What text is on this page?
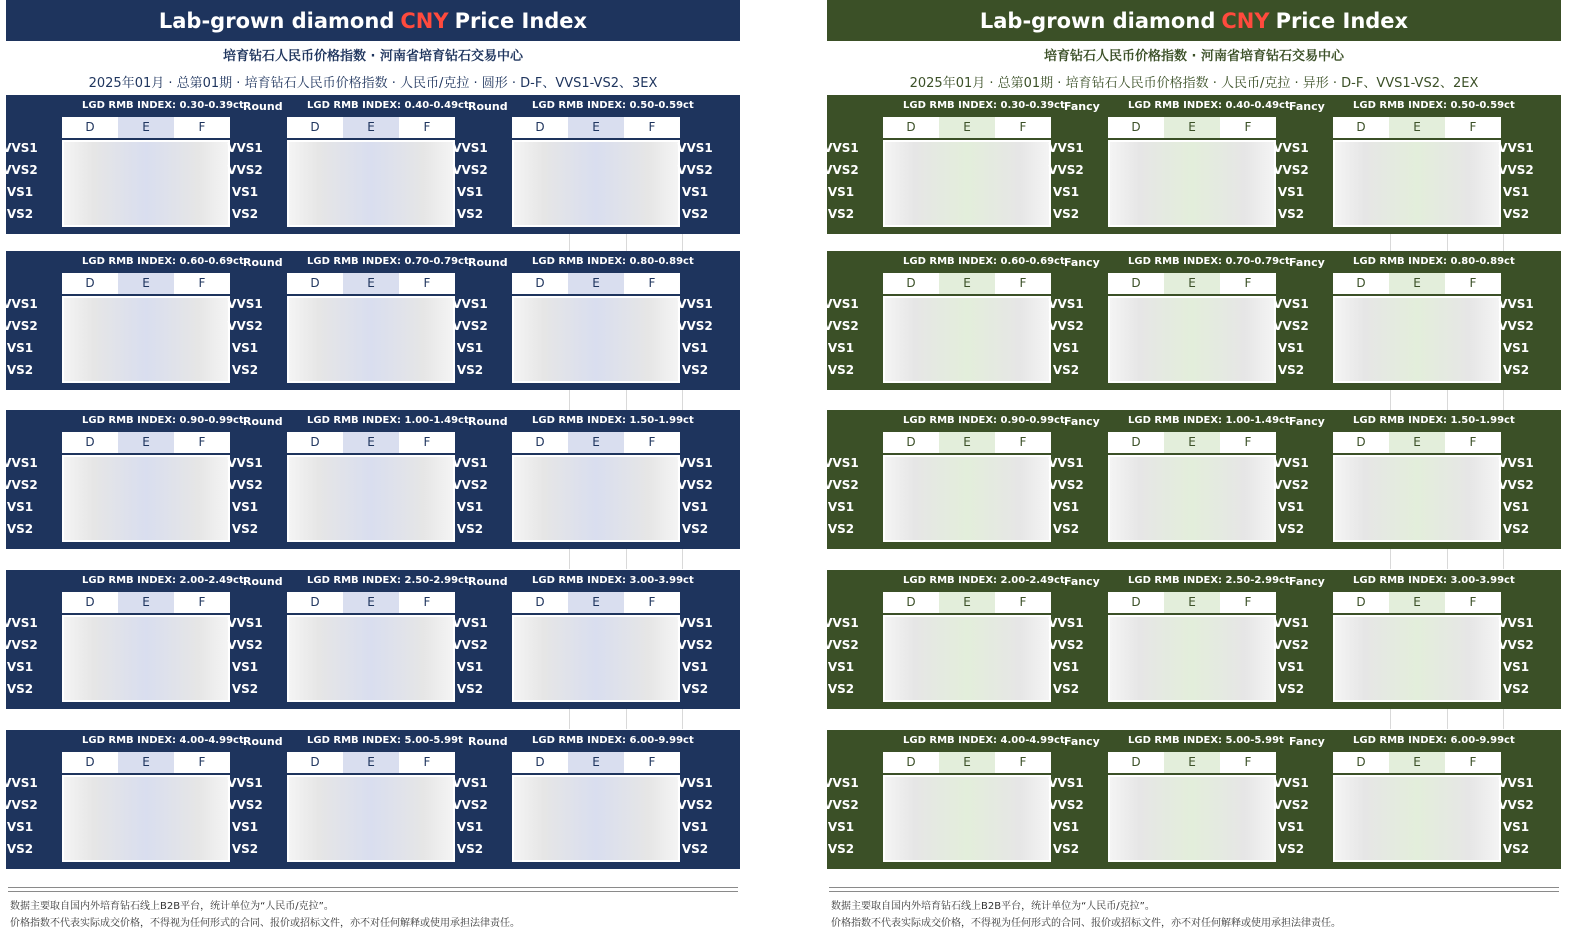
Lab-grown diamond CNY Price Index
培育钻石人民币价格指数 · 河南省培育钻石交易中心
2025年01月 · 总第01期 · 培育钻石人民币价格指数 · 人民币/克拉 · 圆形 · D-F、VVS1-VS2、3EX
LGD RMB INDEX: 0.30-0.39ct Round
D	E	F
LGD RMB INDEX: 0.40-0.49ct Round
D	E	F
LGD RMB INDEX: 0.50-0.59ct
D	E	F
VVS1
VVS2
VS1
VS2
VVS1
VVS2
VS1
VS2
VVS1
VVS2
VS1
VS2
VVS1
VVS2
VS1
VS2
LGD RMB INDEX: 0.60-0.69ct Round
D	E	F
LGD RMB INDEX: 0.70-0.79ct Round
D	E	F
LGD RMB INDEX: 0.80-0.89ct
D	E	F
VVS1
VVS2
VS1
VS2
VVS1
VVS2
VS1
VS2
VVS1
VVS2
VS1
VS2
VVS1
VVS2
VS1
VS2
LGD RMB INDEX: 0.90-0.99ct Round
D	E	F
LGD RMB INDEX: 1.00-1.49ct Round
D	E	F
LGD RMB INDEX: 1.50-1.99ct
D	E	F
VVS1
VVS2
VS1
VS2
VVS1
VVS2
VS1
VS2
VVS1
VVS2
VS1
VS2
VVS1
VVS2
VS1
VS2
LGD RMB INDEX: 2.00-2.49ct Round
D	E	F
LGD RMB INDEX: 2.50-2.99ct Round
D	E	F
LGD RMB INDEX: 3.00-3.99ct
D	E	F
VVS1
VVS2
VS1
VS2
VVS1
VVS2
VS1
VS2
VVS1
VVS2
VS1
VS2
VVS1
VVS2
VS1
VS2
LGD RMB INDEX: 4.00-4.99ct Round
D	E	F
LGD RMB INDEX: 5.00-5.99t Round
D	E	F
LGD RMB INDEX: 6.00-9.99ct
D	E	F
VVS1
VVS2
VS1
VS2
VVS1
VVS2
VS1
VS2
VVS1
VVS2
VS1
VS2
VVS1
VVS2
VS1
VS2
数据主要取自国内外培育钻石线上B2B平台，统计单位为“人民币/克拉”。
价格指数不代表实际成交价格，不得视为任何形式的合同、报价或招标文件，亦不对任何解释或使用承担法律责任。
Lab-grown diamond CNY Price Index
培育钻石人民币价格指数 · 河南省培育钻石交易中心
2025年01月 · 总第01期 · 培育钻石人民币价格指数 · 人民币/克拉 · 异形 · D-F、VVS1-VS2、2EX
LGD RMB INDEX: 0.30-0.39ct Fancy
D	E	F
LGD RMB INDEX: 0.40-0.49ct Fancy
D	E	F
LGD RMB INDEX: 0.50-0.59ct
D	E	F
VVS1
VVS2
VS1
VS2
VVS1
VVS2
VS1
VS2
VVS1
VVS2
VS1
VS2
VVS1
VVS2
VS1
VS2
LGD RMB INDEX: 0.60-0.69ct Fancy
D	E	F
LGD RMB INDEX: 0.70-0.79ct Fancy
D	E	F
LGD RMB INDEX: 0.80-0.89ct
D	E	F
VVS1
VVS2
VS1
VS2
VVS1
VVS2
VS1
VS2
VVS1
VVS2
VS1
VS2
VVS1
VVS2
VS1
VS2
LGD RMB INDEX: 0.90-0.99ct Fancy
D	E	F
LGD RMB INDEX: 1.00-1.49ct Fancy
D	E	F
LGD RMB INDEX: 1.50-1.99ct
D	E	F
VVS1
VVS2
VS1
VS2
VVS1
VVS2
VS1
VS2
VVS1
VVS2
VS1
VS2
VVS1
VVS2
VS1
VS2
LGD RMB INDEX: 2.00-2.49ct Fancy
D	E	F
LGD RMB INDEX: 2.50-2.99ct Fancy
D	E	F
LGD RMB INDEX: 3.00-3.99ct
D	E	F
VVS1
VVS2
VS1
VS2
VVS1
VVS2
VS1
VS2
VVS1
VVS2
VS1
VS2
VVS1
VVS2
VS1
VS2
LGD RMB INDEX: 4.00-4.99ct Fancy
D	E	F
LGD RMB INDEX: 5.00-5.99t Fancy
D	E	F
LGD RMB INDEX: 6.00-9.99ct
D	E	F
VVS1
VVS2
VS1
VS2
VVS1
VVS2
VS1
VS2
VVS1
VVS2
VS1
VS2
VVS1
VVS2
VS1
VS2
数据主要取自国内外培育钻石线上B2B平台，统计单位为“人民币/克拉”。
价格指数不代表实际成交价格，不得视为任何形式的合同、报价或招标文件，亦不对任何解释或使用承担法律责任。
